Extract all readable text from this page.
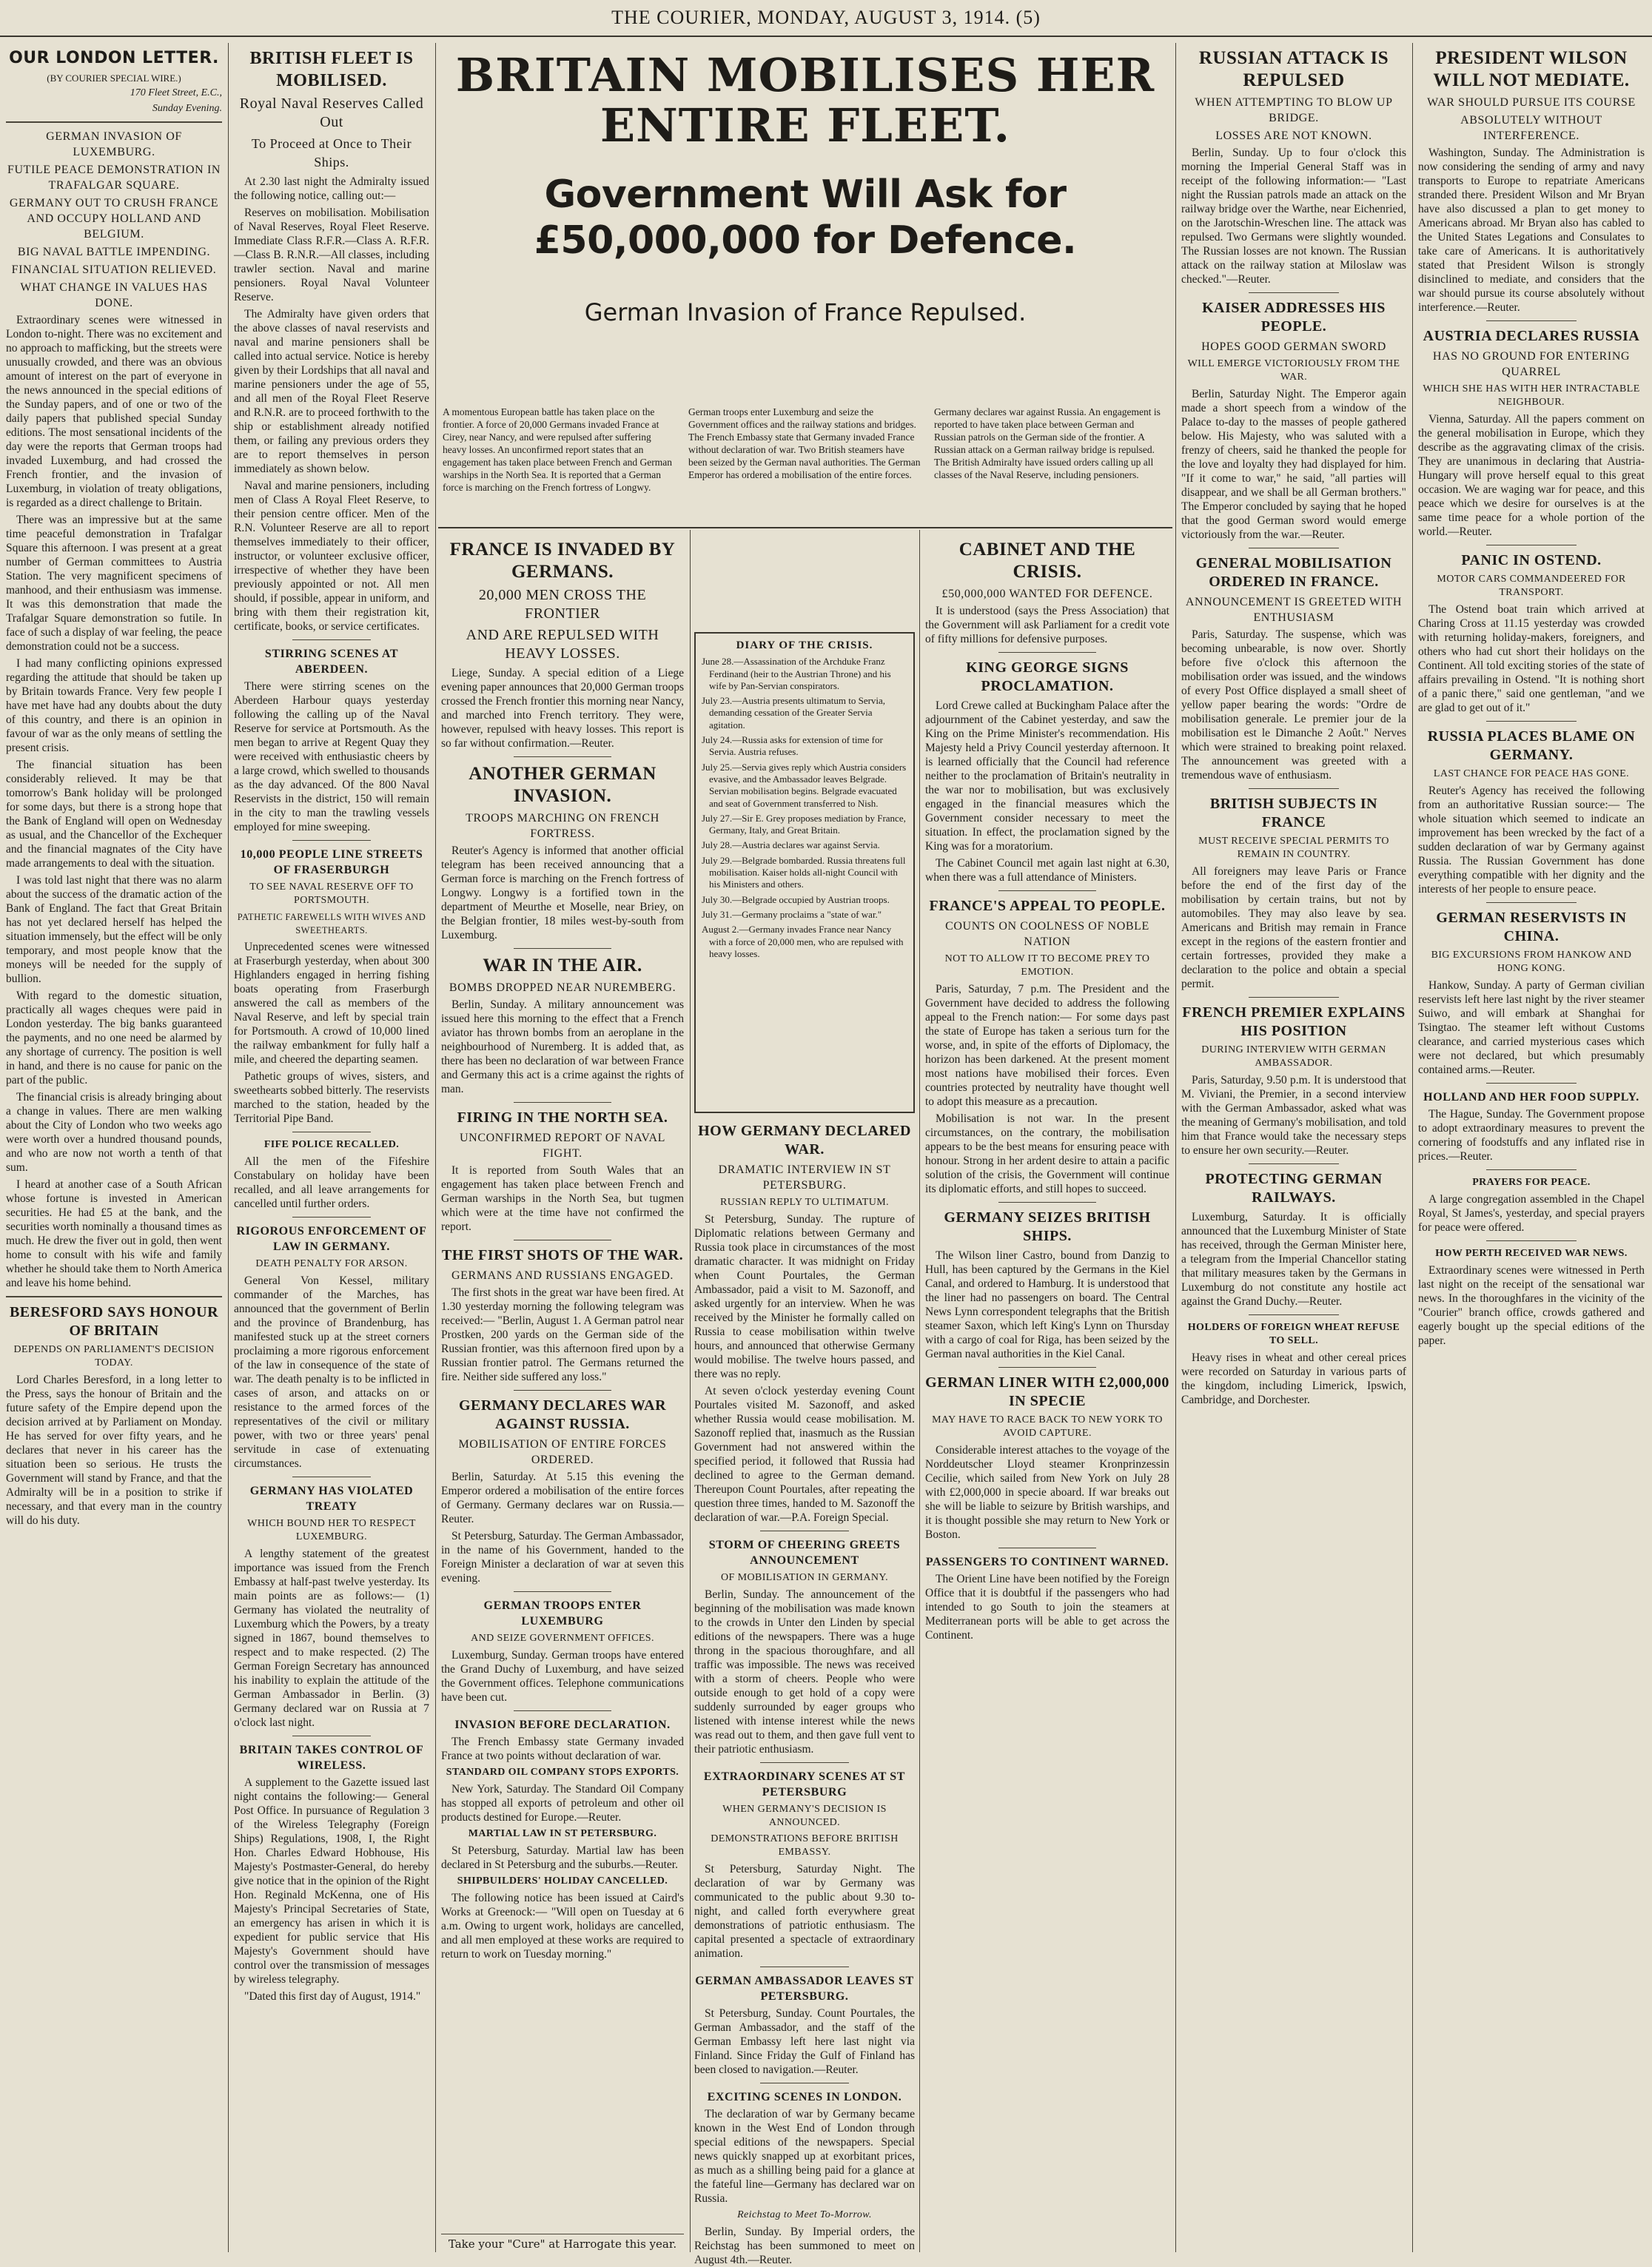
THE COURIER, MONDAY, AUGUST 3, 1914. (5)
OUR LONDON LETTER.
(BY COURIER SPECIAL WIRE.)
170 Fleet Street, E.C.,
Sunday Evening.
GERMAN INVASION OF LUXEMBURG.
FUTILE PEACE DEMONSTRATION IN TRAFALGAR SQUARE.
GERMANY OUT TO CRUSH FRANCE AND OCCUPY HOLLAND AND BELGIUM.
BIG NAVAL BATTLE IMPENDING.
FINANCIAL SITUATION RELIEVED.
WHAT CHANGE IN VALUES HAS DONE.

Extraordinary scenes were witnessed in London to-night. There was no excitement and no approach to mafficking, but the streets were unusually crowded, and there was an obvious amount of interest on the part of everyone in the news announced in the special editions of the Sunday papers, and of one or two of the daily papers that published special Sunday editions. The most sensational incidents of the day were the reports that German troops had invaded Luxemburg, and had crossed the French frontier, and the invasion of Luxemburg, in violation of treaty obligations, is regarded as a direct challenge to Britain.

There was an impressive but at the same time peaceful demonstration in Trafalgar Square this afternoon. I was present at a great number of German committees to Austria Station. The very magnificent specimens of manhood, and their enthusiasm was immense. It was this demonstration that made the Trafalgar Square demonstration so futile. In face of such a display of war feeling, the peace demonstration could not be a success.

I had many conflicting opinions expressed regarding the attitude that should be taken up by Britain towards France. Very few people I have met have had any doubts about the duty of this country, and there is an opinion in favour of war as the only means of settling the present crisis.

The financial situation has been considerably relieved. It may be that tomorrow's Bank holiday will be prolonged for some days, but there is a strong hope that the Bank of England will open on Wednesday as usual, and the Chancellor of the Exchequer and the financial magnates of the City have made arrangements to deal with the situation.

I was told last night that there was no alarm about the success of the dramatic action of the Bank of England. The fact that Great Britain has not yet declared herself has helped the situation immensely, but the effect will be only temporary, and most people know that the moneys will be needed for the supply of bullion.

With regard to the domestic situation, practically all wages cheques were paid in London yesterday. The big banks guaranteed the payments, and no one need be alarmed by any shortage of currency. The position is well in hand, and there is no cause for panic on the part of the public.

The financial crisis is already bringing about a change in values. There are men walking about the City of London who two weeks ago were worth over a hundred thousand pounds, and who are now not worth a tenth of that sum.

I heard at another case of a South African whose fortune is invested in American securities. He had £5 at the bank, and the securities worth nominally a thousand times as much. He drew the fiver out in gold, then went home to consult with his wife and family whether he should take them to North America and leave his home behind.

BERESFORD SAYS HONOUR OF BRITAIN
DEPENDS ON PARLIAMENT'S DECISION TODAY.

Lord Charles Beresford, in a long letter to the Press, says the honour of Britain and the future safety of the Empire depend upon the decision arrived at by Parliament on Monday. He has served for over fifty years, and he declares that never in his career has the situation been so serious. He trusts the Government will stand by France, and that the Admiralty will be in a position to strike if necessary, and that every man in the country will do his duty.

BRITISH FLEET IS MOBILISED.
Royal Naval Reserves Called Out
To Proceed at Once to Their Ships.

At 2.30 last night the Admiralty issued the following notice, calling out:—

Reserves on mobilisation. Mobilisation of Naval Reserves, Royal Fleet Reserve. Immediate Class R.F.R.—Class A. R.F.R.—Class B. R.N.R.—All classes, including trawler section. Naval and marine pensioners. Royal Naval Volunteer Reserve.

The Admiralty have given orders that the above classes of naval reservists and naval and marine pensioners shall be called into actual service. Notice is hereby given by their Lordships that all naval and marine pensioners under the age of 55, and all men of the Royal Fleet Reserve and R.N.R. are to proceed forthwith to the ship or establishment already notified them, or failing any previous orders they are to report themselves in person immediately as shown below.

Naval and marine pensioners, including men of Class A Royal Fleet Reserve, to their pension centre officer. Men of the R.N. Volunteer Reserve are all to report themselves immediately to their officer, instructor, or volunteer exclusive officer, irrespective of whether they have been previously appointed or not. All men should, if possible, appear in uniform, and bring with them their registration kit, certificate, books, or service certificates.

STIRRING SCENES AT ABERDEEN.

There were stirring scenes on the Aberdeen Harbour quays yesterday following the calling up of the Naval Reserve for service at Portsmouth. As the men began to arrive at Regent Quay they were received with enthusiastic cheers by a large crowd, which swelled to thousands as the day advanced. Of the 800 Naval Reservists in the district, 150 will remain in the city to man the trawling vessels employed for mine sweeping.

10,000 PEOPLE LINE STREETS OF FRASERBURGH
TO SEE NAVAL RESERVE OFF TO PORTSMOUTH.
PATHETIC FAREWELLS WITH WIVES AND SWEETHEARTS.

Unprecedented scenes were witnessed at Fraserburgh yesterday, when about 300 Highlanders engaged in herring fishing boats operating from Fraserburgh answered the call as members of the Naval Reserve, and left by special train for Portsmouth. A crowd of 10,000 lined the railway embankment for fully half a mile, and cheered the departing seamen.

Pathetic groups of wives, sisters, and sweethearts sobbed bitterly. The reservists marched to the station, headed by the Territorial Pipe Band.

FIFE POLICE RECALLED.

All the men of the Fifeshire Constabulary on holiday have been recalled, and all leave arrangements for cancelled until further orders.

RIGOROUS ENFORCEMENT OF LAW IN GERMANY.
DEATH PENALTY FOR ARSON.

General Von Kessel, military commander of the Marches, has announced that the government of Berlin and the province of Brandenburg, has manifested stuck up at the street corners proclaiming a more rigorous enforcement of the law in consequence of the state of war. The death penalty is to be inflicted in cases of arson, and attacks on or resistance to the armed forces of the representatives of the civil or military power, with two or three years' penal servitude in case of extenuating circumstances.

GERMANY HAS VIOLATED TREATY
WHICH BOUND HER TO RESPECT LUXEMBURG.

A lengthy statement of the greatest importance was issued from the French Embassy at half-past twelve yesterday. Its main points are as follows:— (1) Germany has violated the neutrality of Luxemburg which the Powers, by a treaty signed in 1867, bound themselves to respect and to make respected. (2) The German Foreign Secretary has announced his inability to explain the attitude of the German Ambassador in Berlin. (3) Germany declared war on Russia at 7 o'clock last night.

BRITAIN TAKES CONTROL OF WIRELESS.

A supplement to the Gazette issued last night contains the following:— General Post Office. In pursuance of Regulation 3 of the Wireless Telegraphy (Foreign Ships) Regulations, 1908, I, the Right Hon. Charles Edward Hobhouse, His Majesty's Postmaster-General, do hereby give notice that in the opinion of the Right Hon. Reginald McKenna, one of His Majesty's Principal Secretaries of State, an emergency has arisen in which it is expedient for public service that His Majesty's Government should have control over the transmission of messages by wireless telegraphy.

"Dated this first day of August, 1914."

BRITAIN MOBILISES HER ENTIRE FLEET.
Government Will Ask for £50,000,000 for Defence.
German Invasion of France Repulsed.
A momentous European battle has taken place on the frontier. A force of 20,000 Germans invaded France at Cirey, near Nancy, and were repulsed after suffering heavy losses. An unconfirmed report states that an engagement has taken place between French and German warships in the North Sea. It is reported that a German force is marching on the French fortress of Longwy.
German troops enter Luxemburg and seize the Government offices and the railway stations and bridges. The French Embassy state that Germany invaded France without declaration of war. Two British steamers have been seized by the German naval authorities. The German Emperor has ordered a mobilisation of the entire forces.
Germany declares war against Russia. An engagement is reported to have taken place between German and Russian patrols on the German side of the frontier. A Russian attack on a German railway bridge is repulsed. The British Admiralty have issued orders calling up all classes of the Naval Reserve, including pensioners.
FRANCE IS INVADED BY GERMANS.
20,000 MEN CROSS THE FRONTIER
AND ARE REPULSED WITH HEAVY LOSSES.

Liege, Sunday. A special edition of a Liege evening paper announces that 20,000 German troops crossed the French frontier this morning near Nancy, and marched into French territory. They were, however, repulsed with heavy losses. This report is so far without confirmation.—Reuter.

ANOTHER GERMAN INVASION.
TROOPS MARCHING ON FRENCH FORTRESS.

Reuter's Agency is informed that another official telegram has been received announcing that a German force is marching on the French fortress of Longwy. Longwy is a fortified town in the department of Meurthe et Moselle, near Briey, on the Belgian frontier, 18 miles west-by-south from Luxemburg.

WAR IN THE AIR.
BOMBS DROPPED NEAR NUREMBERG.

Berlin, Sunday. A military announcement was issued here this morning to the effect that a French aviator has thrown bombs from an aeroplane in the neighbourhood of Nuremberg. It is added that, as there has been no declaration of war between France and Germany this act is a crime against the rights of man.

FIRING IN THE NORTH SEA.
UNCONFIRMED REPORT OF NAVAL FIGHT.

It is reported from South Wales that an engagement has taken place between French and German warships in the North Sea, but tugmen which were at the time have not confirmed the report.

THE FIRST SHOTS OF THE WAR.
GERMANS AND RUSSIANS ENGAGED.

The first shots in the great war have been fired. At 1.30 yesterday morning the following telegram was received:— "Berlin, August 1. A German patrol near Prostken, 200 yards on the German side of the Russian frontier, was this afternoon fired upon by a Russian frontier patrol. The Germans returned the fire. Neither side suffered any loss."

GERMANY DECLARES WAR AGAINST RUSSIA.
MOBILISATION OF ENTIRE FORCES ORDERED.

Berlin, Saturday. At 5.15 this evening the Emperor ordered a mobilisation of the entire forces of Germany. Germany declares war on Russia.—Reuter.

St Petersburg, Saturday. The German Ambassador, in the name of his Government, handed to the Foreign Minister a declaration of war at seven this evening.

GERMAN TROOPS ENTER LUXEMBURG
AND SEIZE GOVERNMENT OFFICES.

Luxemburg, Sunday. German troops have entered the Grand Duchy of Luxemburg, and have seized the Government offices. Telephone communications have been cut.

INVASION BEFORE DECLARATION.

The French Embassy state Germany invaded France at two points without declaration of war.

STANDARD OIL COMPANY STOPS EXPORTS.

New York, Saturday. The Standard Oil Company has stopped all exports of petroleum and other oil products destined for Europe.—Reuter.

MARTIAL LAW IN ST PETERSBURG.

St Petersburg, Saturday. Martial law has been declared in St Petersburg and the suburbs.—Reuter.

SHIPBUILDERS' HOLIDAY CANCELLED.

The following notice has been issued at Caird's Works at Greenock:— "Will open on Tuesday at 6 a.m. Owing to urgent work, holidays are cancelled, and all men employed at these works are required to return to work on Tuesday morning."

Take your "Cure" at Harrogate this year.
DIARY OF THE CRISIS.
June 28.—Assassination of the Archduke Franz Ferdinand (heir to the Austrian Throne) and his wife by Pan-Servian conspirators.
July 23.—Austria presents ultimatum to Servia, demanding cessation of the Greater Servia agitation.
July 24.—Russia asks for extension of time for Servia. Austria refuses.
July 25.—Servia gives reply which Austria considers evasive, and the Ambassador leaves Belgrade. Servian mobilisation begins. Belgrade evacuated and seat of Government transferred to Nish.
July 27.—Sir E. Grey proposes mediation by France, Germany, Italy, and Great Britain.
July 28.—Austria declares war against Servia.
July 29.—Belgrade bombarded. Russia threatens full mobilisation. Kaiser holds all-night Council with his Ministers and others.
July 30.—Belgrade occupied by Austrian troops.
July 31.—Germany proclaims a "state of war."
August 2.—Germany invades France near Nancy with a force of 20,000 men, who are repulsed with heavy losses.
HOW GERMANY DECLARED WAR.
DRAMATIC INTERVIEW IN ST PETERSBURG.
RUSSIAN REPLY TO ULTIMATUM.

St Petersburg, Sunday. The rupture of Diplomatic relations between Germany and Russia took place in circumstances of the most dramatic character. It was midnight on Friday when Count Pourtales, the German Ambassador, paid a visit to M. Sazonoff, and asked urgently for an interview. When he was received by the Minister he formally called on Russia to cease mobilisation within twelve hours, and announced that otherwise Germany would mobilise. The twelve hours passed, and there was no reply.

At seven o'clock yesterday evening Count Pourtales visited M. Sazonoff, and asked whether Russia would cease mobilisation. M. Sazonoff replied that, inasmuch as the Russian Government had not answered within the specified period, it followed that Russia had declined to agree to the German demand. Thereupon Count Pourtales, after repeating the question three times, handed to M. Sazonoff the declaration of war.—P.A. Foreign Special.

STORM OF CHEERING GREETS ANNOUNCEMENT
OF MOBILISATION IN GERMANY.

Berlin, Sunday. The announcement of the beginning of the mobilisation was made known to the crowds in Unter den Linden by special editions of the newspapers. There was a huge throng in the spacious thoroughfare, and all traffic was impossible. The news was received with a storm of cheers. People who were outside enough to get hold of a copy were suddenly surrounded by eager groups who listened with intense interest while the news was read out to them, and then gave full vent to their patriotic enthusiasm.

EXTRAORDINARY SCENES AT ST PETERSBURG
WHEN GERMANY'S DECISION IS ANNOUNCED.
DEMONSTRATIONS BEFORE BRITISH EMBASSY.

St Petersburg, Saturday Night. The declaration of war by Germany was communicated to the public about 9.30 to-night, and called forth everywhere great demonstrations of patriotic enthusiasm. The capital presented a spectacle of extraordinary animation.

GERMAN AMBASSADOR LEAVES ST PETERSBURG.

St Petersburg, Sunday. Count Pourtales, the German Ambassador, and the staff of the German Embassy left here last night via Finland. Since Friday the Gulf of Finland has been closed to navigation.—Reuter.

EXCITING SCENES IN LONDON.

The declaration of war by Germany became known in the West End of London through special editions of the newspapers. Special news quickly snapped up at exorbitant prices, as much as a shilling being paid for a glance at the fateful line—Germany has declared war on Russia.

Reichstag to Meet To-Morrow.

Berlin, Sunday. By Imperial orders, the Reichstag has been summoned to meet on August 4th.—Reuter.

CABINET AND THE CRISIS.
£50,000,000 WANTED FOR DEFENCE.

It is understood (says the Press Association) that the Government will ask Parliament for a credit vote of fifty millions for defensive purposes.

KING GEORGE SIGNS PROCLAMATION.

Lord Crewe called at Buckingham Palace after the adjournment of the Cabinet yesterday, and saw the King on the Prime Minister's recommendation. His Majesty held a Privy Council yesterday afternoon. It is learned officially that the Council had reference neither to the proclamation of Britain's neutrality in the war nor to mobilisation, but was exclusively engaged in the financial measures which the Government consider necessary to meet the situation. In effect, the proclamation signed by the King was for a moratorium.

The Cabinet Council met again last night at 6.30, when there was a full attendance of Ministers.

FRANCE'S APPEAL TO PEOPLE.
COUNTS ON COOLNESS OF NOBLE NATION
NOT TO ALLOW IT TO BECOME PREY TO EMOTION.

Paris, Saturday, 7 p.m. The President and the Government have decided to address the following appeal to the French nation:— For some days past the state of Europe has taken a serious turn for the worse, and, in spite of the efforts of Diplomacy, the horizon has been darkened. At the present moment most nations have mobilised their forces. Even countries protected by neutrality have thought well to adopt this measure as a precaution.

Mobilisation is not war. In the present circumstances, on the contrary, the mobilisation appears to be the best means for ensuring peace with honour. Strong in her ardent desire to attain a pacific solution of the crisis, the Government will continue its diplomatic efforts, and still hopes to succeed.

GERMANY SEIZES BRITISH SHIPS.

The Wilson liner Castro, bound from Danzig to Hull, has been captured by the Germans in the Kiel Canal, and ordered to Hamburg. It is understood that the liner had no passengers on board. The Central News Lynn correspondent telegraphs that the British steamer Saxon, which left King's Lynn on Thursday with a cargo of coal for Riga, has been seized by the German naval authorities in the Kiel Canal.

GERMAN LINER WITH £2,000,000 IN SPECIE
MAY HAVE TO RACE BACK TO NEW YORK TO AVOID CAPTURE.

Considerable interest attaches to the voyage of the Norddeutscher Lloyd steamer Kronprinzessin Cecilie, which sailed from New York on July 28 with £2,000,000 in specie aboard. If war breaks out she will be liable to seizure by British warships, and it is thought possible she may return to New York or Boston.

PASSENGERS TO CONTINENT WARNED.

The Orient Line have been notified by the Foreign Office that it is doubtful if the passengers who had intended to go South to join the steamers at Mediterranean ports will be able to get across the Continent.

RUSSIAN ATTACK IS REPULSED
WHEN ATTEMPTING TO BLOW UP BRIDGE.
LOSSES ARE NOT KNOWN.

Berlin, Sunday. Up to four o'clock this morning the Imperial General Staff was in receipt of the following information:— "Last night the Russian patrols made an attack on the railway bridge over the Warthe, near Eichenried, on the Jarotschin-Wreschen line. The attack was repulsed. Two Germans were slightly wounded. The Russian losses are not known. The Russian attack on the railway station at Miloslaw was checked."—Reuter.

KAISER ADDRESSES HIS PEOPLE.
HOPES GOOD GERMAN SWORD
WILL EMERGE VICTORIOUSLY FROM THE WAR.

Berlin, Saturday Night. The Emperor again made a short speech from a window of the Palace to-day to the masses of people gathered below. His Majesty, who was saluted with a frenzy of cheers, said he thanked the people for the love and loyalty they had displayed for him. "If it come to war," he said, "all parties will disappear, and we shall be all German brothers." The Emperor concluded by saying that he hoped that the good German sword would emerge victoriously from the war.—Reuter.

GENERAL MOBILISATION ORDERED IN FRANCE.
ANNOUNCEMENT IS GREETED WITH ENTHUSIASM

Paris, Saturday. The suspense, which was becoming unbearable, is now over. Shortly before five o'clock this afternoon the mobilisation order was issued, and the windows of every Post Office displayed a small sheet of yellow paper bearing the words: "Ordre de mobilisation generale. Le premier jour de la mobilisation est le Dimanche 2 Août." Nerves which were strained to breaking point relaxed. The announcement was greeted with a tremendous wave of enthusiasm.

BRITISH SUBJECTS IN FRANCE
MUST RECEIVE SPECIAL PERMITS TO REMAIN IN COUNTRY.

All foreigners may leave Paris or France before the end of the first day of the mobilisation by certain trains, but not by automobiles. They may also leave by sea. Americans and British may remain in France except in the regions of the eastern frontier and certain fortresses, provided they make a declaration to the police and obtain a special permit.

FRENCH PREMIER EXPLAINS HIS POSITION
DURING INTERVIEW WITH GERMAN AMBASSADOR.

Paris, Saturday, 9.50 p.m. It is understood that M. Viviani, the Premier, in a second interview with the German Ambassador, asked what was the meaning of Germany's mobilisation, and told him that France would take the necessary steps to ensure her own security.—Reuter.

PROTECTING GERMAN RAILWAYS.

Luxemburg, Saturday. It is officially announced that the Luxemburg Minister of State has received, through the German Minister here, a telegram from the Imperial Chancellor stating that military measures taken by the Germans in Luxemburg do not constitute any hostile act against the Grand Duchy.—Reuter.

HOLDERS OF FOREIGN WHEAT REFUSE TO SELL.

Heavy rises in wheat and other cereal prices were recorded on Saturday in various parts of the kingdom, including Limerick, Ipswich, Cambridge, and Dorchester.

PRESIDENT WILSON WILL NOT MEDIATE.
WAR SHOULD PURSUE ITS COURSE
ABSOLUTELY WITHOUT INTERFERENCE.

Washington, Sunday. The Administration is now considering the sending of army and navy transports to Europe to repatriate Americans stranded there. President Wilson and Mr Bryan have also discussed a plan to get money to Americans abroad. Mr Bryan also has cabled to the United States Legations and Consulates to take care of Americans. It is authoritatively stated that President Wilson is strongly disinclined to mediate, and considers that the war should pursue its course absolutely without interference.—Reuter.

AUSTRIA DECLARES RUSSIA
HAS NO GROUND FOR ENTERING QUARREL
WHICH SHE HAS WITH HER INTRACTABLE NEIGHBOUR.

Vienna, Saturday. All the papers comment on the general mobilisation in Europe, which they describe as the aggravating climax of the crisis. They are unanimous in declaring that Austria-Hungary will prove herself equal to this great occasion. We are waging war for peace, and this peace which we desire for ourselves is at the same time peace for a whole portion of the world.—Reuter.

PANIC IN OSTEND.
MOTOR CARS COMMANDEERED FOR TRANSPORT.

The Ostend boat train which arrived at Charing Cross at 11.15 yesterday was crowded with returning holiday-makers, foreigners, and others who had cut short their holidays on the Continent. All told exciting stories of the state of affairs prevailing in Ostend. "It is nothing short of a panic there," said one gentleman, "and we are glad to get out of it."

RUSSIA PLACES BLAME ON GERMANY.
LAST CHANCE FOR PEACE HAS GONE.

Reuter's Agency has received the following from an authoritative Russian source:— The whole situation which seemed to indicate an improvement has been wrecked by the fact of a sudden declaration of war by Germany against Russia. The Russian Government has done everything compatible with her dignity and the interests of her people to ensure peace.

GERMAN RESERVISTS IN CHINA.
BIG EXCURSIONS FROM HANKOW AND HONG KONG.

Hankow, Sunday. A party of German civilian reservists left here last night by the river steamer Suiwo, and will embark at Shanghai for Tsingtao. The steamer left without Customs clearance, and carried mysterious cases which were not declared, but which presumably contained arms.—Reuter.

HOLLAND AND HER FOOD SUPPLY.

The Hague, Sunday. The Government propose to adopt extraordinary measures to prevent the cornering of foodstuffs and any inflated rise in prices.—Reuter.

PRAYERS FOR PEACE.

A large congregation assembled in the Chapel Royal, St James's, yesterday, and special prayers for peace were offered.

HOW PERTH RECEIVED WAR NEWS.

Extraordinary scenes were witnessed in Perth last night on the receipt of the sensational war news. In the thoroughfares in the vicinity of the "Courier" branch office, crowds gathered and eagerly bought up the special editions of the paper.
